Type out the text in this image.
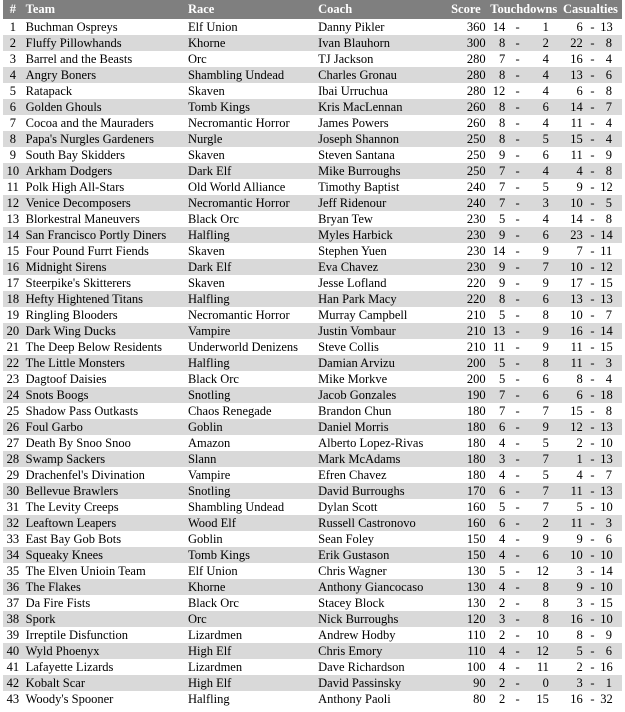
#	Team	Race	Coach	Score	Touchdowns			Casualties		
1	Buchman Ospreys	Elf Union	Danny Pikler	360	14	-	1	6	-	13
2	Fluffy Pillowhands	Khorne	Ivan Blauhorn	300	8	-	2	22	-	8
3	Barrel and the Beasts	Orc	TJ Jackson	280	7	-	4	16	-	4
4	Angry Boners	Shambling Undead	Charles Gronau	280	8	-	4	13	-	6
5	Ratapack	Skaven	Ibai Urruchua	280	12	-	4	6	-	8
6	Golden Ghouls	Tomb Kings	Kris MacLennan	260	8	-	6	14	-	7
7	Cocoa and the Mauraders	Necromantic Horror	James Powers	260	8	-	4	11	-	4
8	Papa's Nurgles Gardeners	Nurgle	Joseph Shannon	250	8	-	5	15	-	4
9	South Bay Skidders	Skaven	Steven Santana	250	9	-	6	11	-	9
10	Arkham Dodgers	Dark Elf	Mike Burroughs	250	7	-	4	4	-	8
11	Polk High All-Stars	Old World Alliance	Timothy Baptist	240	7	-	5	9	-	12
12	Venice Decomposers	Necromantic Horror	Jeff Ridenour	240	7	-	3	10	-	5
13	Blorkestral Maneuvers	Black Orc	Bryan Tew	230	5	-	4	14	-	8
14	San Francisco Portly Diners	Halfling	Myles Harbick	230	9	-	6	23	-	14
15	Four Pound Furrt Fiends	Skaven	Stephen Yuen	230	14	-	9	7	-	11
16	Midnight Sirens	Dark Elf	Eva Chavez	230	9	-	7	10	-	12
17	Steerpike's Skitterers	Skaven	Jesse Lofland	220	9	-	9	17	-	15
18	Hefty Hightened Titans	Halfling	Han Park Macy	220	8	-	6	13	-	13
19	Ringling Blooders	Necromantic Horror	Murray Campbell	210	5	-	8	10	-	7
20	Dark Wing Ducks	Vampire	Justin Vombaur	210	13	-	9	16	-	14
21	The Deep Below Residents	Underworld Denizens	Steve Collis	210	11	-	9	11	-	15
22	The Little Monsters	Halfling	Damian Arvizu	200	5	-	8	11	-	3
23	Dagtoof Daisies	Black Orc	Mike Morkve	200	5	-	6	8	-	4
24	Snots Boogs	Snotling	Jacob Gonzales	190	7	-	6	6	-	18
25	Shadow Pass Outkasts	Chaos Renegade	Brandon Chun	180	7	-	7	15	-	8
26	Foul Garbo	Goblin	Daniel Morris	180	6	-	9	12	-	13
27	Death By Snoo Snoo	Amazon	Alberto Lopez-Rivas	180	4	-	5	2	-	10
28	Swamp Sackers	Slann	Mark McAdams	180	3	-	7	1	-	13
29	Drachenfel's Divination	Vampire	Efren Chavez	180	4	-	5	4	-	7
30	Bellevue Brawlers	Snotling	David Burroughs	170	6	-	7	11	-	13
31	The Levity Creeps	Shambling Undead	Dylan Scott	160	5	-	7	5	-	10
32	Leaftown Leapers	Wood Elf	Russell Castronovo	160	6	-	2	11	-	3
33	East Bay Gob Bots	Goblin	Sean Foley	150	4	-	9	9	-	6
34	Squeaky Knees	Tomb Kings	Erik Gustason	150	4	-	6	10	-	10
35	The Elven Unioin Team	Elf Union	Chris Wagner	130	5	-	12	3	-	14
36	The Flakes	Khorne	Anthony Giancocaso	130	4	-	8	9	-	10
37	Da Fire Fists	Black Orc	Stacey Block	130	2	-	8	3	-	15
38	Spork	Orc	Nick Burroughs	120	3	-	8	16	-	10
39	Irreptile Disfunction	Lizardmen	Andrew Hodby	110	2	-	10	8	-	9
40	Wyld Phoenyx	High Elf	Chris Emory	110	4	-	12	5	-	6
41	Lafayette Lizards	Lizardmen	Dave Richardson	100	4	-	11	2	-	16
42	Kobalt Scar	High Elf	David Passinsky	90	2	-	0	3	-	1
43	Woody's Spooner	Halfling	Anthony Paoli	80	2	-	15	16	-	32
